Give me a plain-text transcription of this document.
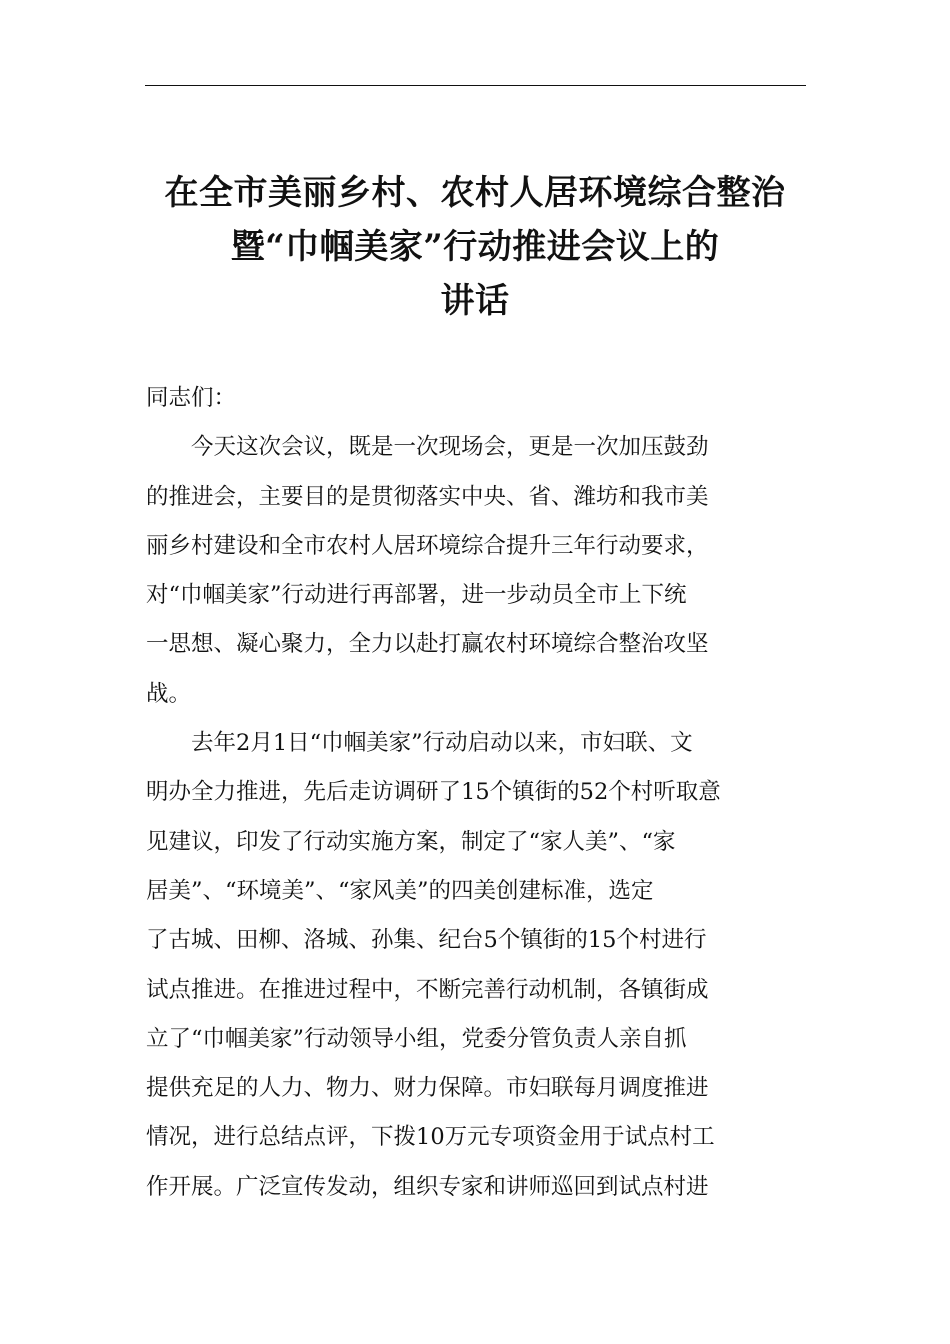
在全市美丽乡村、农村人居环境综合整治
暨“巾帼美家”行动推进会议上的
讲话

同志们：

今天这次会议，既是一次现场会，更是一次加压鼓劲
的推进会，主要目的是贯彻落实中央、省、潍坊和我市美
丽乡村建设和全市农村人居环境综合提升三年行动要求，
对“巾帼美家”行动进行再部署，进一步动员全市上下统
一思想、凝心聚力，全力以赴打赢农村环境综合整治攻坚
战。

去年2月1日“巾帼美家”行动启动以来，市妇联、文
明办全力推进，先后走访调研了15个镇街的52个村听取意
见建议，印发了行动实施方案，制定了“家人美”、“家
居美”、“环境美”、“家风美”的四美创建标准，选定
了古城、田柳、洛城、孙集、纪台5个镇街的15个村进行
试点推进。在推进过程中，不断完善行动机制，各镇街成
立了“巾帼美家”行动领导小组，党委分管负责人亲自抓
提供充足的人力、物力、财力保障。市妇联每月调度推进
情况，进行总结点评，下拨10万元专项资金用于试点村工
作开展。广泛宣传发动，组织专家和讲师巡回到试点村进
